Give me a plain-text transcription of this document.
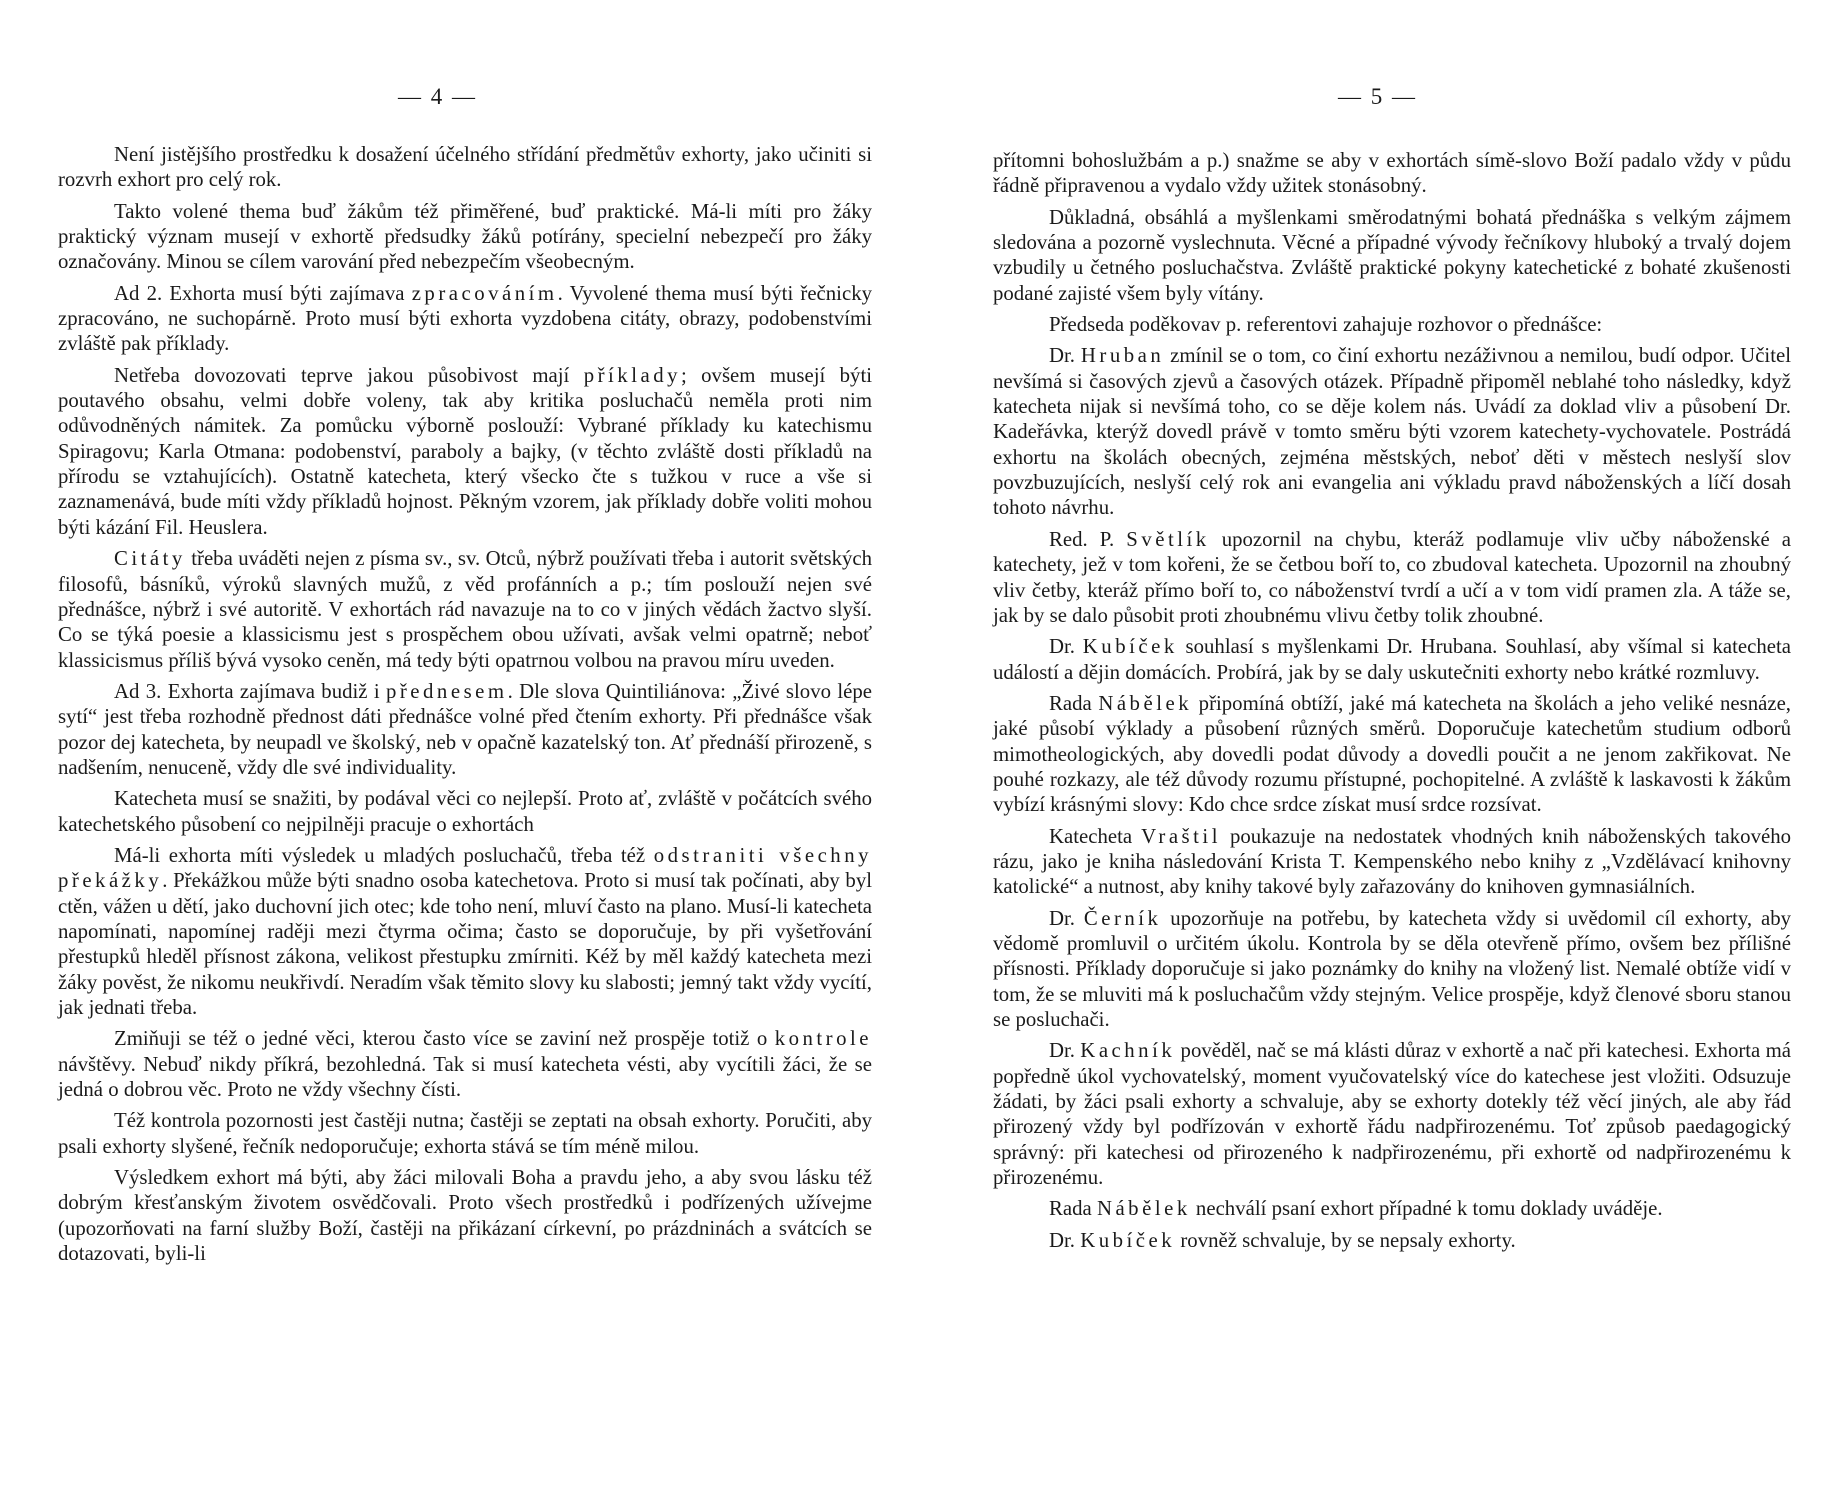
— 4 —

Není jistějšího prostředku k dosažení účelného střídání předmětův exhorty, jako učiniti si rozvrh exhort pro celý rok.

Takto volené thema buď žákům též přiměřené, buď praktické. Má-li míti pro žáky praktický význam musejí v exhortě předsudky žáků potírány, specielní nebezpečí pro žáky označovány. Minou se cílem varování před nebezpečím všeobecným.

Ad 2. Exhorta musí býti zajímava zpracováním. Vyvolené thema musí býti řečnicky zpracováno, ne suchopárně. Proto musí býti exhorta vyzdobena citáty, obrazy, podobenstvími zvláště pak příklady.

Netřeba dovozovati teprve jakou působivost mají příklady; ovšem musejí býti poutavého obsahu, velmi dobře voleny, tak aby kritika posluchačů neměla proti nim odůvodněných námitek. Za pomůcku výborně poslouží: Vybrané příklady ku katechismu Spiragovu; Karla Otmana: podobenství, paraboly a bajky, (v těchto zvláště dosti příkladů na přírodu se vztahujících). Ostatně katecheta, který všecko čte s tužkou v ruce a vše si zaznamenává, bude míti vždy příkladů hojnost. Pěkným vzorem, jak příklady dobře voliti mohou býti kázání Fil. Heuslera.

Citáty třeba uváděti nejen z písma sv., sv. Otců, nýbrž používati třeba i autorit světských filosofů, básníků, výroků slavných mužů, z věd profánních a p.; tím poslouží nejen své přednášce, nýbrž i své autoritě. V exhortách rád navazuje na to co v jiných vědách žactvo slyší. Co se týká poesie a klassicismu jest s prospěchem obou užívati, avšak velmi opatrně; neboť klassicismus příliš bývá vysoko ceněn, má tedy býti opatrnou volbou na pravou míru uveden.

Ad 3. Exhorta zajímava budiž i přednesem. Dle slova Quintiliánova: „Živé slovo lépe sytí“ jest třeba rozhodně přednost dáti přednášce volné před čtením exhorty. Při přednášce však pozor dej katecheta, by neupadl ve školský, neb v opačně kazatelský ton. Ať přednáší přirozeně, s nadšením, nenuceně, vždy dle své individuality.

Katecheta musí se snažiti, by podával věci co nejlepší. Proto ať, zvláště v počátcích svého katechetského působení co nejpilněji pracuje o exhortách

Má-li exhorta míti výsledek u mladých posluchačů, třeba též odstraniti všechny překážky. Překážkou může býti snadno osoba katechetova. Proto si musí tak počínati, aby byl ctěn, vážen u dětí, jako duchovní jich otec; kde toho není, mluví často na plano. Musí-li katecheta napomínati, napomínej raději mezi čtyrma očima; často se doporučuje, by při vyšetřování přestupků hleděl přísnost zákona, velikost přestupku zmírniti. Kéž by měl každý katecheta mezi žáky pověst, že nikomu neukřivdí. Neradím však těmito slovy ku slabosti; jemný takt vždy vycítí, jak jednati třeba.

Zmiňuji se též o jedné věci, kterou často více se zaviní než prospěje totiž o kontrole návštěvy. Nebuď nikdy příkrá, bezohledná. Tak si musí katecheta vésti, aby vycítili žáci, že se jedná o dobrou věc. Proto ne vždy všechny čísti.

Též kontrola pozornosti jest častěji nutna; častěji se zeptati na obsah exhorty. Poručiti, aby psali exhorty slyšené, řečník nedoporučuje; exhorta stává se tím méně milou.

Výsledkem exhort má býti, aby žáci milovali Boha a pravdu jeho, a aby svou lásku též dobrým křesťanským životem osvědčovali. Proto všech prostředků i podřízených užívejme (upozorňovati na farní služby Boží, častěji na přikázaní církevní, po prázdninách a svátcích se dotazovati, byli-li

— 5 —

přítomni bohoslužbám a p.) snažme se aby v exhortách símě-slovo Boží padalo vždy v půdu řádně připravenou a vydalo vždy užitek stonásobný.

Důkladná, obsáhlá a myšlenkami směrodatnými bohatá přednáška s velkým zájmem sledována a pozorně vyslechnuta. Věcné a případné vývody řečníkovy hluboký a trvalý dojem vzbudily u četného posluchačstva. Zvláště praktické pokyny katechetické z bohaté zkušenosti podané zajisté všem byly vítány.

Předseda poděkovav p. referentovi zahajuje rozhovor o přednášce:

Dr. Hruban zmínil se o tom, co činí exhortu nezáživnou a nemilou, budí odpor. Učitel nevšímá si časových zjevů a časových otázek. Případně připoměl neblahé toho následky, když katecheta nijak si nevšímá toho, co se děje kolem nás. Uvádí za doklad vliv a působení Dr. Kadeřávka, kterýž dovedl právě v tomto směru býti vzorem katechety-vychovatele. Postrádá exhortu na školách obecných, zejména městských, neboť děti v městech neslyší slov povzbuzujících, neslyší celý rok ani evangelia ani výkladu pravd náboženských a líčí dosah tohoto návrhu.

Red. P. Světlík upozornil na chybu, kteráž podlamuje vliv učby náboženské a katechety, jež v tom kořeni, že se četbou boří to, co zbudoval katecheta. Upozornil na zhoubný vliv četby, kteráž přímo boří to, co náboženství tvrdí a učí a v tom vidí pramen zla. A táže se, jak by se dalo působit proti zhoubnému vlivu četby tolik zhoubné.

Dr. Kubíček souhlasí s myšlenkami Dr. Hrubana. Souhlasí, aby všímal si katecheta událostí a dějin domácích. Probírá, jak by se daly uskutečniti exhorty nebo krátké rozmluvy.

Rada Nábělek připomíná obtíží, jaké má katecheta na školách a jeho veliké nesnáze, jaké působí výklady a působení různých směrů. Doporučuje katechetům studium odborů mimotheologických, aby dovedli podat důvody a dovedli poučit a ne jenom zakřikovat. Ne pouhé rozkazy, ale též důvody rozumu přístupné, pochopitelné. A zvláště k laskavosti k žákům vybízí krásnými slovy: Kdo chce srdce získat musí srdce rozsívat.

Katecheta Vraštil poukazuje na nedostatek vhodných knih náboženských takového rázu, jako je kniha následování Krista T. Kempenského nebo knihy z „Vzdělávací knihovny katolické“ a nutnost, aby knihy takové byly zařazovány do knihoven gymnasiálních.

Dr. Černík upozorňuje na potřebu, by katecheta vždy si uvědomil cíl exhorty, aby vědomě promluvil o určitém úkolu. Kontrola by se děla otevřeně přímo, ovšem bez přílišné přísnosti. Příklady doporučuje si jako poznámky do knihy na vložený list. Nemalé obtíže vidí v tom, že se mluviti má k posluchačům vždy stejným. Velice prospěje, když členové sboru stanou se posluchači.

Dr. Kachník pověděl, nač se má klásti důraz v exhortě a nač při katechesi. Exhorta má popředně úkol vychovatelský, moment vyučovatelský více do katechese jest vložiti. Odsuzuje žádati, by žáci psali exhorty a schvaluje, aby se exhorty dotekly též věcí jiných, ale aby řád přirozený vždy byl podřízován v exhortě řádu nadpřirozenému. Toť způsob paedagogický správný: při katechesi od přirozeného k nadpřirozenému, při exhortě od nadpřirozenému k přirozenému.

Rada Nábělek nechválí psaní exhort případné k tomu doklady uváděje.

Dr. Kubíček rovněž schvaluje, by se nepsaly exhorty.
